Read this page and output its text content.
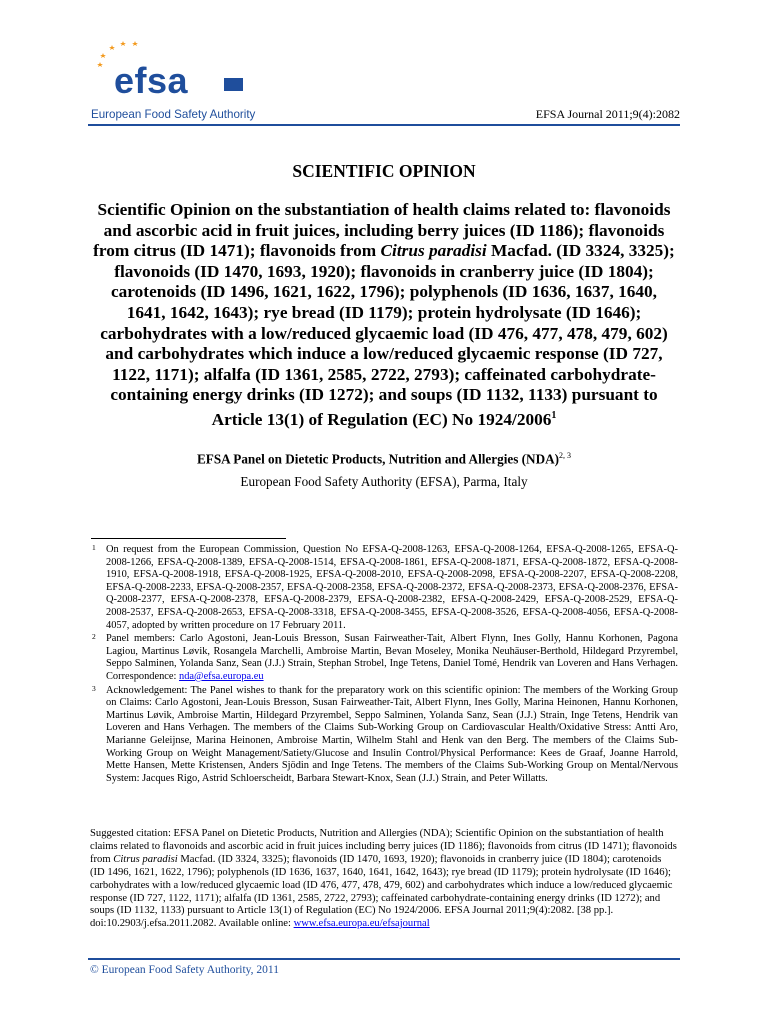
efsa
European Food Safety Authority	EFSA Journal 2011;9(4):2082
SCIENTIFIC OPINION
Scientific Opinion on the substantiation of health claims related to: flavonoids and ascorbic acid in fruit juices, including berry juices (ID 1186); flavonoids from citrus (ID 1471); flavonoids from Citrus paradisi Macfad. (ID 3324, 3325); flavonoids (ID 1470, 1693, 1920); flavonoids in cranberry juice (ID 1804); carotenoids (ID 1496, 1621, 1622, 1796); polyphenols (ID 1636, 1637, 1640, 1641, 1642, 1643); rye bread (ID 1179); protein hydrolysate (ID 1646); carbohydrates with a low/reduced glycaemic load (ID 476, 477, 478, 479, 602) and carbohydrates which induce a low/reduced glycaemic response (ID 727, 1122, 1171); alfalfa (ID 1361, 2585, 2722, 2793); caffeinated carbohydrate-containing energy drinks (ID 1272); and soups (ID 1132, 1133) pursuant to Article 13(1) of Regulation (EC) No 1924/2006$^1$
EFSA Panel on Dietetic Products, Nutrition and Allergies (NDA)$^{2, 3}$
European Food Safety Authority (EFSA), Parma, Italy
1 On request from the European Commission, Question No EFSA-Q-2008-1263, EFSA-Q-2008-1264, EFSA-Q-2008-1265, EFSA-Q-2008-1266, EFSA-Q-2008-1389, EFSA-Q-2008-1514, EFSA-Q-2008-1861, EFSA-Q-2008-1871, EFSA-Q-2008-1872, EFSA-Q-2008-1910, EFSA-Q-2008-1918, EFSA-Q-2008-1925, EFSA-Q-2008-2010, EFSA-Q-2008-2098, EFSA-Q-2008-2207, EFSA-Q-2008-2208, EFSA-Q-2008-2233, EFSA-Q-2008-2357, EFSA-Q-2008-2358, EFSA-Q-2008-2372, EFSA-Q-2008-2373, EFSA-Q-2008-2376, EFSA-Q-2008-2377, EFSA-Q-2008-2378, EFSA-Q-2008-2379, EFSA-Q-2008-2382, EFSA-Q-2008-2429, EFSA-Q-2008-2529, EFSA-Q-2008-2537, EFSA-Q-2008-2653, EFSA-Q-2008-3318, EFSA-Q-2008-3455, EFSA-Q-2008-3526, EFSA-Q-2008-4056, EFSA-Q-2008-4057, adopted by written procedure on 17 February 2011.
2 Panel members: Carlo Agostoni, Jean-Louis Bresson, Susan Fairweather-Tait, Albert Flynn, Ines Golly, Hannu Korhonen, Pagona Lagiou, Martinus Løvik, Rosangela Marchelli, Ambroise Martin, Bevan Moseley, Monika Neuhäuser-Berthold, Hildegard Przyrembel, Seppo Salminen, Yolanda Sanz, Sean (J.J.) Strain, Stephan Strobel, Inge Tetens, Daniel Tomé, Hendrik van Loveren and Hans Verhagen. Correspondence: nda@efsa.europa.eu
3 Acknowledgement: The Panel wishes to thank for the preparatory work on this scientific opinion: The members of the Working Group on Claims: Carlo Agostoni, Jean-Louis Bresson, Susan Fairweather-Tait, Albert Flynn, Ines Golly, Marina Heinonen, Hannu Korhonen, Martinus Løvik, Ambroise Martin, Hildegard Przyrembel, Seppo Salminen, Yolanda Sanz, Sean (J.J.) Strain, Inge Tetens, Hendrik van Loveren and Hans Verhagen. The members of the Claims Sub-Working Group on Cardiovascular Health/Oxidative Stress: Antti Aro, Marianne Geleijnse, Marina Heinonen, Ambroise Martin, Wilhelm Stahl and Henk van den Berg. The members of the Claims Sub-Working Group on Weight Management/Satiety/Glucose and Insulin Control/Physical Performance: Kees de Graaf, Joanne Harrold, Mette Hansen, Mette Kristensen, Anders Sjödin and Inge Tetens. The members of the Claims Sub-Working Group on Mental/Nervous System: Jacques Rigo, Astrid Schloerscheidt, Barbara Stewart-Knox, Sean (J.J.) Strain, and Peter Willatts.
Suggested citation: EFSA Panel on Dietetic Products, Nutrition and Allergies (NDA); Scientific Opinion on the substantiation of health claims related to flavonoids and ascorbic acid in fruit juices including berry juices (ID 1186); flavonoids from citrus (ID 1471); flavonoids from Citrus paradisi Macfad. (ID 3324, 3325); flavonoids (ID 1470, 1693, 1920); flavonoids in cranberry juice (ID 1804); carotenoids (ID 1496, 1621, 1622, 1796); polyphenols (ID 1636, 1637, 1640, 1641, 1642, 1643); rye bread (ID 1179); protein hydrolysate (ID 1646); carbohydrates with a low/reduced glycaemic load (ID 476, 477, 478, 479, 602) and carbohydrates which induce a low/reduced glycaemic response (ID 727, 1122, 1171); alfalfa (ID 1361, 2585, 2722, 2793); caffeinated carbohydrate-containing energy drinks (ID 1272); and soups (ID 1132, 1133) pursuant to Article 13(1) of Regulation (EC) No 1924/2006. EFSA Journal 2011;9(4):2082. [38 pp.]. doi:10.2903/j.efsa.2011.2082. Available online: www.efsa.europa.eu/efsajournal
© European Food Safety Authority, 2011
